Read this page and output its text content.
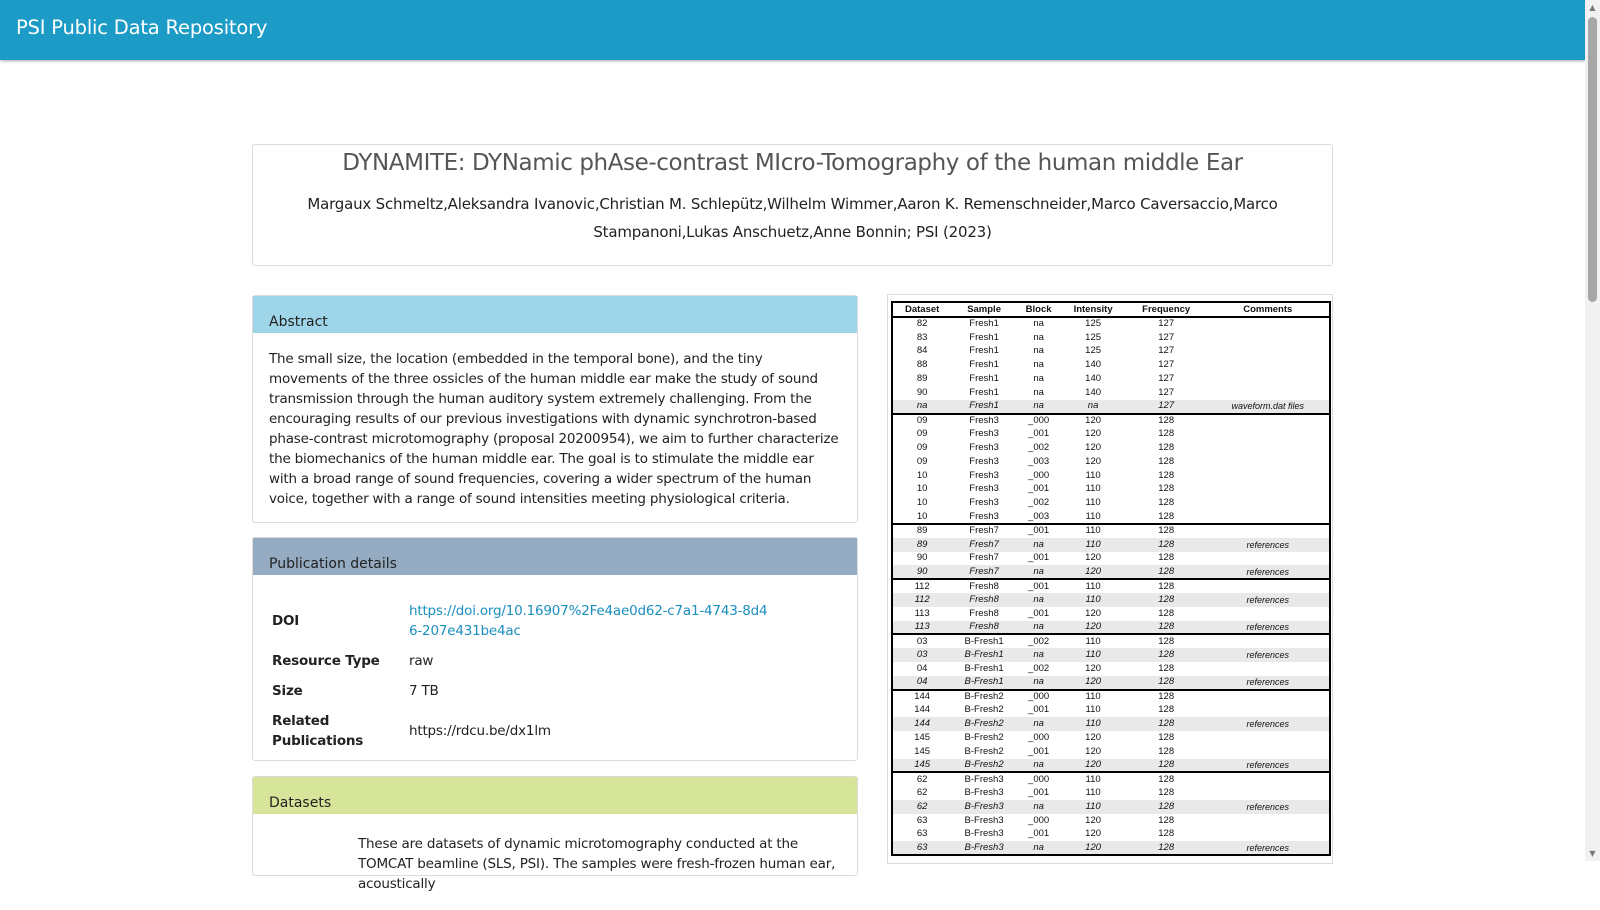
PSI Public Data Repository
▲
▼
DYNAMITE: DYNamic phAse-contrast MIcro-Tomography of the human middle Ear
Margaux Schmeltz,Aleksandra Ivanovic,Christian M. Schlepütz,Wilhelm Wimmer,Aaron K. Remenschneider,Marco Caversaccio,Marco Stampanoni,Lukas Anschuetz,Anne Bonnin; PSI (2023)
Abstract
The small size, the location (embedded in the temporal bone), and the tiny movements of the three ossicles of the human middle ear make the study of sound transmission through the human auditory system extremely challenging. From the encouraging results of our previous investigations with dynamic synchrotron-based phase-contrast microtomography (proposal 20200954), we aim to further characterize the biomechanics of the human middle ear. The goal is to stimulate the middle ear with a broad range of sound frequencies, covering a wider spectrum of the human voice, together with a range of sound intensities meeting physiological criteria.
Publication details
DOI	https://doi.org/10.16907%2Fe4ae0d62-c7a1-4743-8d46-207e431be4ac

Resource Type	raw
Size	7 TB
Related Publications	https://rdcu.be/dx1lm
Datasets
These are datasets of dynamic microtomography conducted at the TOMCAT beamline (SLS, PSI). The samples were fresh-frozen human ear, acoustically
Dataset	Sample	Block	Intensity	Frequency	Comments
82	Fresh1	na	125	127	
83	Fresh1	na	125	127	
84	Fresh1	na	125	127	
88	Fresh1	na	140	127	
89	Fresh1	na	140	127	
90	Fresh1	na	140	127	
na	Fresh1	na	na	127	waveform.dat files
09	Fresh3	_000	120	128	
09	Fresh3	_001	120	128	
09	Fresh3	_002	120	128	
09	Fresh3	_003	120	128	
10	Fresh3	_000	110	128	
10	Fresh3	_001	110	128	
10	Fresh3	_002	110	128	
10	Fresh3	_003	110	128	
89	Fresh7	_001	110	128	
89	Fresh7	na	110	128	references
90	Fresh7	_001	120	128	
90	Fresh7	na	120	128	references
112	Fresh8	_001	110	128	
112	Fresh8	na	110	128	references
113	Fresh8	_001	120	128	
113	Fresh8	na	120	128	references
03	B-Fresh1	_002	110	128	
03	B-Fresh1	na	110	128	references
04	B-Fresh1	_002	120	128	
04	B-Fresh1	na	120	128	references
144	B-Fresh2	_000	110	128	
144	B-Fresh2	_001	110	128	
144	B-Fresh2	na	110	128	references
145	B-Fresh2	_000	120	128	
145	B-Fresh2	_001	120	128	
145	B-Fresh2	na	120	128	references
62	B-Fresh3	_000	110	128	
62	B-Fresh3	_001	110	128	
62	B-Fresh3	na	110	128	references
63	B-Fresh3	_000	120	128	
63	B-Fresh3	_001	120	128	
63	B-Fresh3	na	120	128	references
